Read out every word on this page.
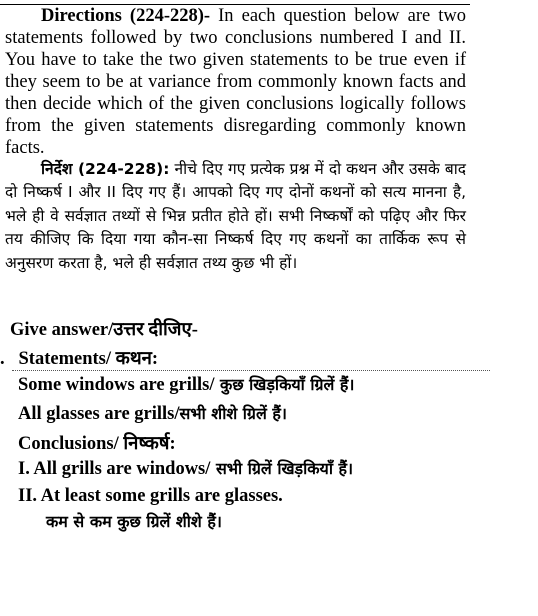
Directions (224-228)- In each question below are two statements followed by two conclusions numbered I and II. You have to take the two given statements to be true even if they seem to be at variance from commonly known facts and then decide which of the given conclusions logically follows from the given statements disregarding commonly known facts.
निर्देश (224-228): नीचे दिए गए प्रत्येक प्रश्न में दो कथन और उसके बाद दो निष्कर्ष I और II दिए गए हैं। आपको दिए गए दोनों कथनों को सत्य मानना है, भले ही वे सर्वज्ञात तथ्यों से भिन्न प्रतीत होते हों। सभी निष्कर्षों को पढ़िए और फिर तय कीजिए कि दिया गया कौन-सा निष्कर्ष दिए गए कथनों का तार्किक रूप से अनुसरण करता है, भले ही सर्वज्ञात तथ्य कुछ भी हों।
Give answer/उत्तर दीजिए-
.   Statements/ कथन:
Some windows are grills/ कुछ खिड़कियाँ ग्रिलें हैं।
All glasses are grills/सभी शीशे ग्रिलें हैं।
Conclusions/ निष्कर्ष:
I. All grills are windows/ सभी ग्रिलें खिड़कियाँ हैं।
II. At least some grills are glasses.
कम से कम कुछ ग्रिलें शीशे हैं।
